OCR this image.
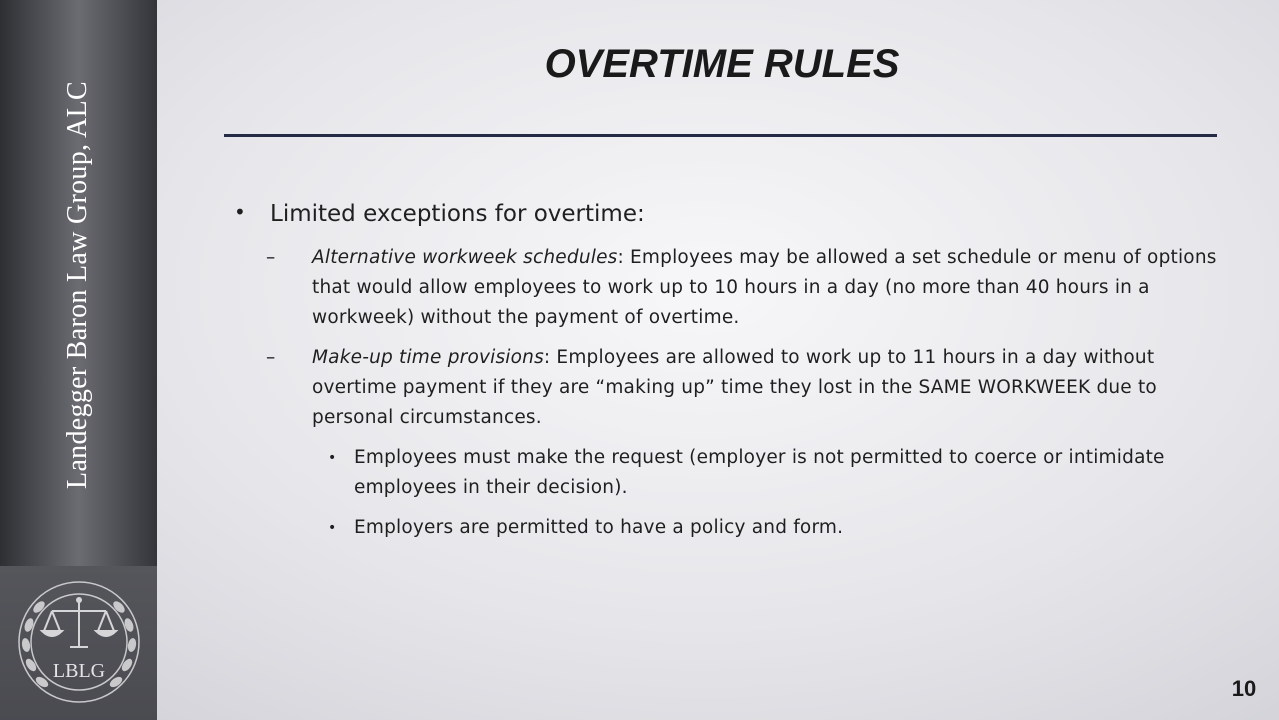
Landegger Baron Law Group, ALC
LBLG
OVERTIME RULES
• Limited exceptions for overtime:
– Alternative workweek schedules: Employees may be allowed a set schedule or menu of options that would allow employees to work up to 10 hours in a day (no more than 40 hours in a workweek) without the payment of overtime.
– Make-up time provisions: Employees are allowed to work up to 11 hours in a day without overtime payment if they are “making up” time they lost in the SAME WORKWEEK due to personal circumstances.
• Employees must make the request (employer is not permitted to coerce or intimidate employees in their decision).
• Employers are permitted to have a policy and form.
10
